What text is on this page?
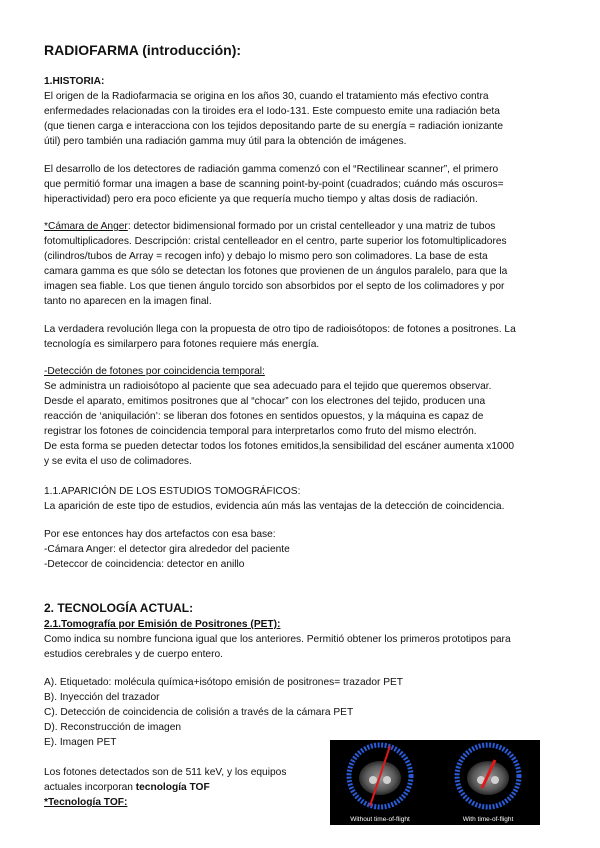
RADIOFARMA (introducción):
1.HISTORIA:
El origen de la Radiofarmacia se origina en los años 30, cuando el tratamiento más efectivo contra
enfermedades relacionadas con la tiroides era el Iodo-131. Este compuesto emite una radiación beta
(que tienen carga e interacciona con los tejidos depositando parte de su energía = radiación ionizante
útil) pero también una radiación gamma muy útil para la obtención de imágenes.
El desarrollo de los detectores de radiación gamma comenzó con el “Rectilinear scanner”, el primero
que permitió formar una imagen a base de scanning point-by-point (cuadrados; cuándo más oscuros=
hiperactividad) pero era poco eficiente ya que requería mucho tiempo y altas dosis de radiación.
*Cámara de Anger: detector bidimensional formado por un cristal centelleador y una matriz de tubos
fotomultiplicadores. Descripción: cristal centelleador en el centro, parte superior los fotomultiplicadores
(cilindros/tubos de Array = recogen info) y debajo lo mismo pero son colimadores. La base de esta
camara gamma es que sólo se detectan los fotones que provienen de un ángulos paralelo, para que la
imagen sea fiable. Los que tienen ángulo torcido son absorbidos por el septo de los colimadores y por
tanto no aparecen en la imagen final.
La verdadera revolución llega con la propuesta de otro tipo de radioisótopos: de fotones a positrones. La
tecnología es similarpero para fotones requiere más energía.
-Detección de fotones por coincidencia temporal:
Se administra un radioisótopo al paciente que sea adecuado para el tejido que queremos observar.
Desde el aparato, emitimos positrones que al “chocar” con los electrones del tejido, producen una
reacción de ‘aniquilación’: se liberan dos fotones en sentidos opuestos, y la máquina es capaz de
registrar los fotones de coincidencia temporal para interpretarlos como fruto del mismo electrón.
De esta forma se pueden detectar todos los fotones emitidos,la sensibilidad del escáner aumenta x1000
y se evita el uso de colimadores.
1.1.APARICIÓN DE LOS ESTUDIOS TOMOGRÁFICOS:
La aparición de este tipo de estudios, evidencia aún más las ventajas de la detección de coincidencia.
Por ese entonces hay dos artefactos con esa base:
-Cámara Anger: el detector gira alrededor del paciente
-Deteccor de coincidencia: detector en anillo
2. TECNOLOGÍA ACTUAL:
2.1.Tomografía por Emisión de Positrones (PET):
Como indica su nombre funciona igual que los anteriores. Permitió obtener los primeros prototipos para
estudios cerebrales y de cuerpo entero.
A). Etiquetado: molécula química+isótopo emisión de positrones= trazador PET
B). Inyección del trazador
C). Detección de coincidencia de colisión a través de la cámara PET
D). Reconstrucción de imagen
E). Imagen PET
Los fotones detectados son de 511 keV, y los equipos
actuales incorporan tecnología TOF
*Tecnología TOF:
Without time-of-flight	With time-of-flight
